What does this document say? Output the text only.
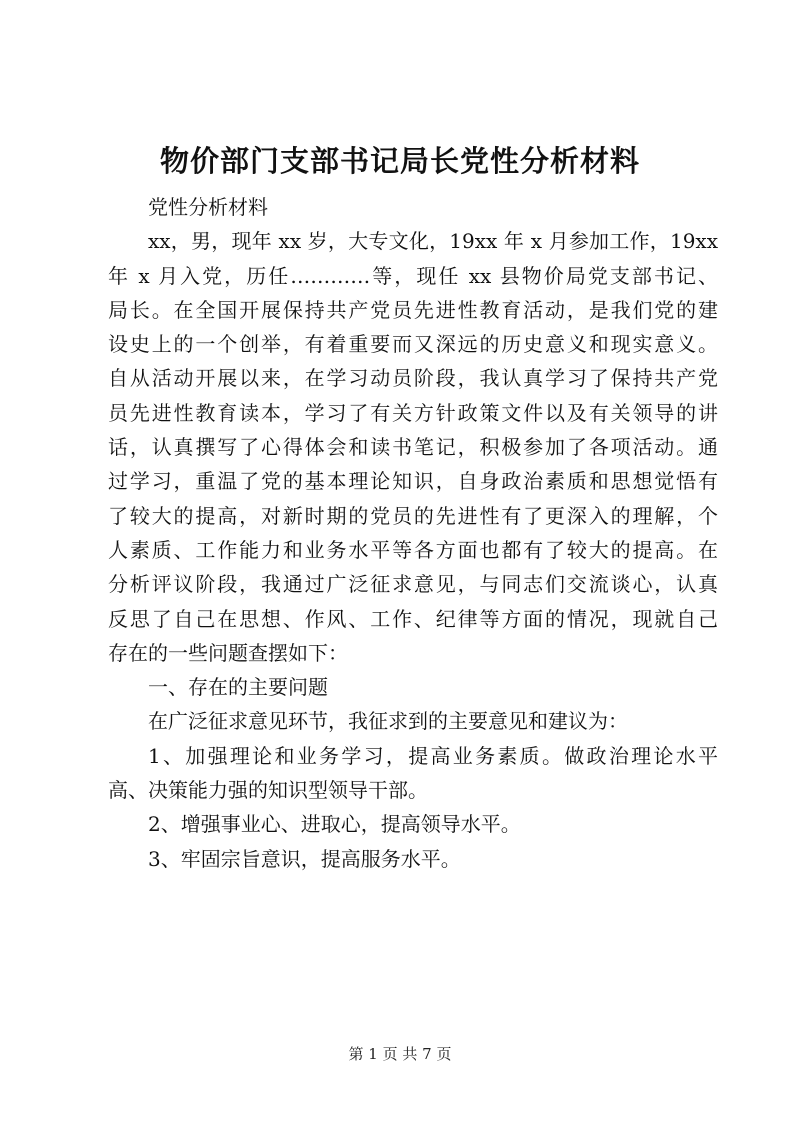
物价部门支部书记局长党性分析材料
党性分析材料
xx，男，现年 xx 岁，大专文化，19xx 年 x 月参加工作，19xx
年 x 月入党，历任…………等，现任 xx 县物价局党支部书记、
局长。在全国开展保持共产党员先进性教育活动，是我们党的建
设史上的一个创举，有着重要而又深远的历史意义和现实意义。
自从活动开展以来，在学习动员阶段，我认真学习了保持共产党
员先进性教育读本，学习了有关方针政策文件以及有关领导的讲
话，认真撰写了心得体会和读书笔记，积极参加了各项活动。通
过学习，重温了党的基本理论知识，自身政治素质和思想觉悟有
了较大的提高，对新时期的党员的先进性有了更深入的理解，个
人素质、工作能力和业务水平等各方面也都有了较大的提高。在
分析评议阶段，我通过广泛征求意见，与同志们交流谈心，认真
反思了自己在思想、作风、工作、纪律等方面的情况，现就自己
存在的一些问题查摆如下：
一、存在的主要问题
在广泛征求意见环节，我征求到的主要意见和建议为：
1、加强理论和业务学习，提高业务素质。做政治理论水平
高、决策能力强的知识型领导干部。
2、增强事业心、进取心，提高领导水平。
3、牢固宗旨意识，提高服务水平。
第 1 页 共 7 页
